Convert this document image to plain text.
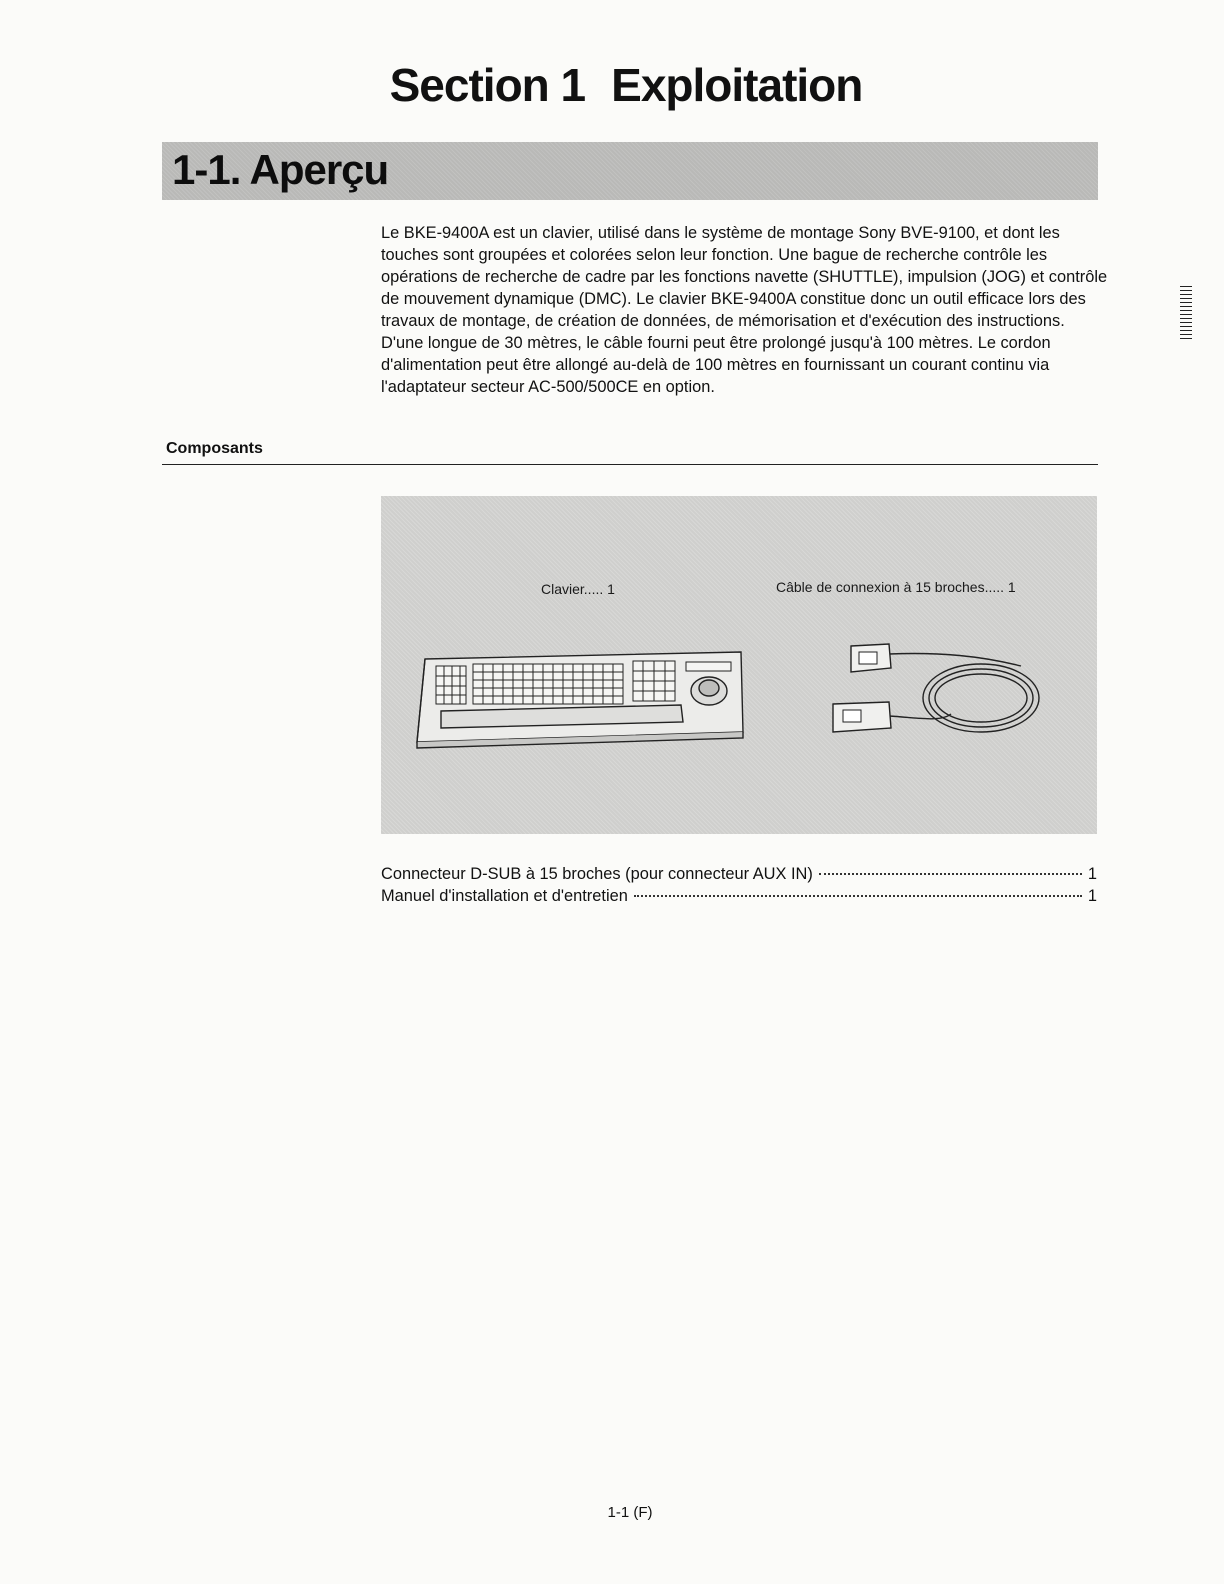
Section 1 Exploitation
1-1. Aperçu

Le BKE-9400A est un clavier, utilisé dans le système de montage Sony BVE-9100, et dont les touches sont groupées et colorées selon leur fonction. Une bague de recherche contrôle les opérations de recherche de cadre par les fonctions navette (SHUTTLE), impulsion (JOG) et contrôle de mouvement dynamique (DMC). Le clavier BKE-9400A constitue donc un outil efficace lors des travaux de montage, de création de données, de mémorisation et d'exécution des instructions.

D'une longue de 30 mètres, le câble fourni peut être prolongé jusqu'à 100 mètres. Le cordon d'alimentation peut être allongé au-delà de 100 mètres en fournissant un courant continu via l'adaptateur secteur AC-500/500CE en option.

Composants
Clavier..... 1	Câble de connexion à 15 broches..... 1
Connecteur D-SUB à 15 broches (pour connecteur AUX IN)	1
Manuel d'installation et d'entretien	1
1-1 (F)
